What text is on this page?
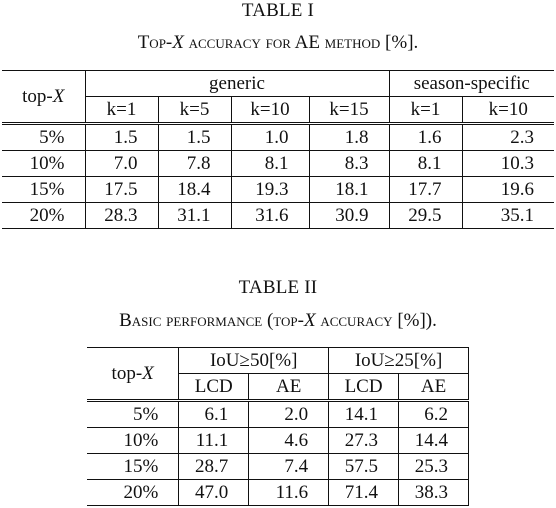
TABLE I
Top-X accuracy for AE method [%].
top-X	generic				season-specific	
	k=1	k=5	k=10	k=15	k=1	k=10
5%	1.5	1.5	1.0	1.8	1.6	2.3
10%	7.0	7.8	8.1	8.3	8.1	10.3
15%	17.5	18.4	19.3	18.1	17.7	19.6
20%	28.3	31.1	31.6	30.9	29.5	35.1
TABLE II
Basic performance (top-X accuracy [%]).
top-X	IoU≥50[%]		IoU≥25[%]	
	LCD	AE	LCD	AE
5%	6.1	2.0	14.1	6.2
10%	11.1	4.6	27.3	14.4
15%	28.7	7.4	57.5	25.3
20%	47.0	11.6	71.4	38.3
